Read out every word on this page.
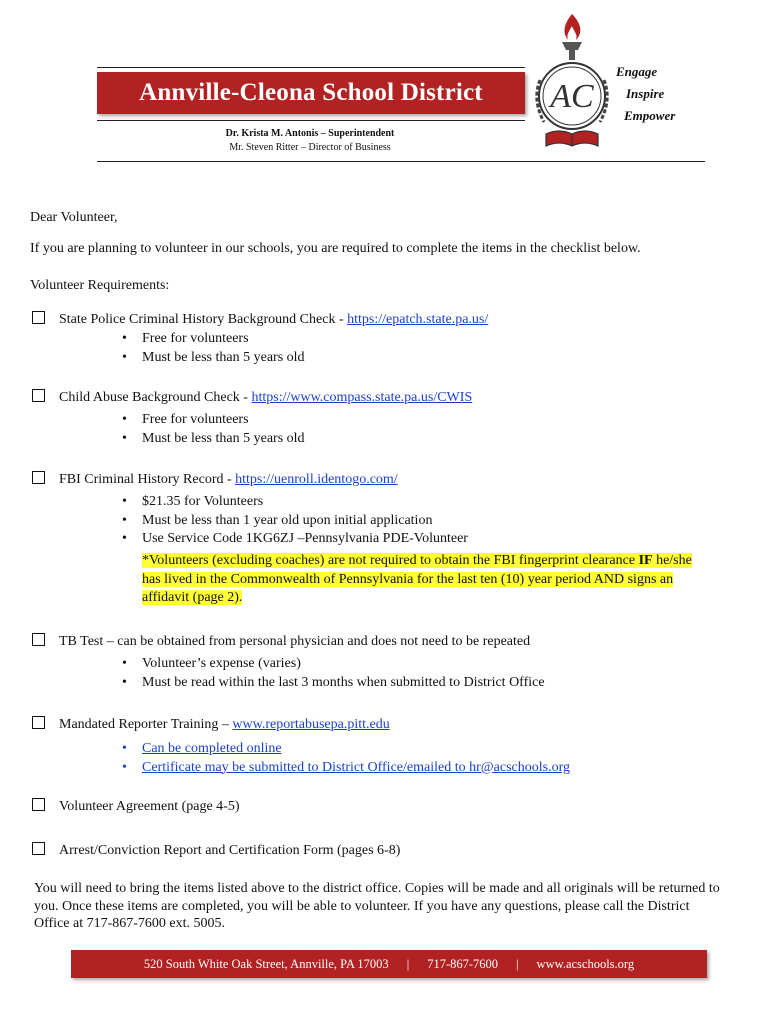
Annville-Cleona School District
Dr. Krista M. Antonis – Superintendent
Mr. Steven Ritter – Director of Business
AC
Engage
Inspire
Empower
Dear Volunteer,
If you are planning to volunteer in our schools, you are required to complete the items in the checklist below.
Volunteer Requirements:
State Police Criminal History Background Check - https://epatch.state.pa.us/
• Free for volunteers
• Must be less than 5 years old
Child Abuse Background Check - https://www.compass.state.pa.us/CWIS
• Free for volunteers
• Must be less than 5 years old
FBI Criminal History Record - https://uenroll.identogo.com/
• $21.35 for Volunteers
• Must be less than 1 year old upon initial application
• Use Service Code 1KG6ZJ –Pennsylvania PDE-Volunteer
*Volunteers (excluding coaches) are not required to obtain the FBI fingerprint clearance IF he/she has lived in the Commonwealth of Pennsylvania for the last ten (10) year period AND signs an affidavit (page 2).
TB Test – can be obtained from personal physician and does not need to be repeated
• Volunteer’s expense (varies)
• Must be read within the last 3 months when submitted to District Office
Mandated Reporter Training – www.reportabusepa.pitt.edu
• Can be completed online
• Certificate may be submitted to District Office/emailed to hr@acschools.org
Volunteer Agreement (page 4-5)
Arrest/Conviction Report and Certification Form (pages 6-8)
You will need to bring the items listed above to the district office. Copies will be made and all originals will be returned to you. Once these items are completed, you will be able to volunteer. If you have any questions, please call the District Office at 717-867-7600 ext. 5005.
520 South White Oak Street, Annville, PA 17003 | 717-867-7600 | www.acschools.org
